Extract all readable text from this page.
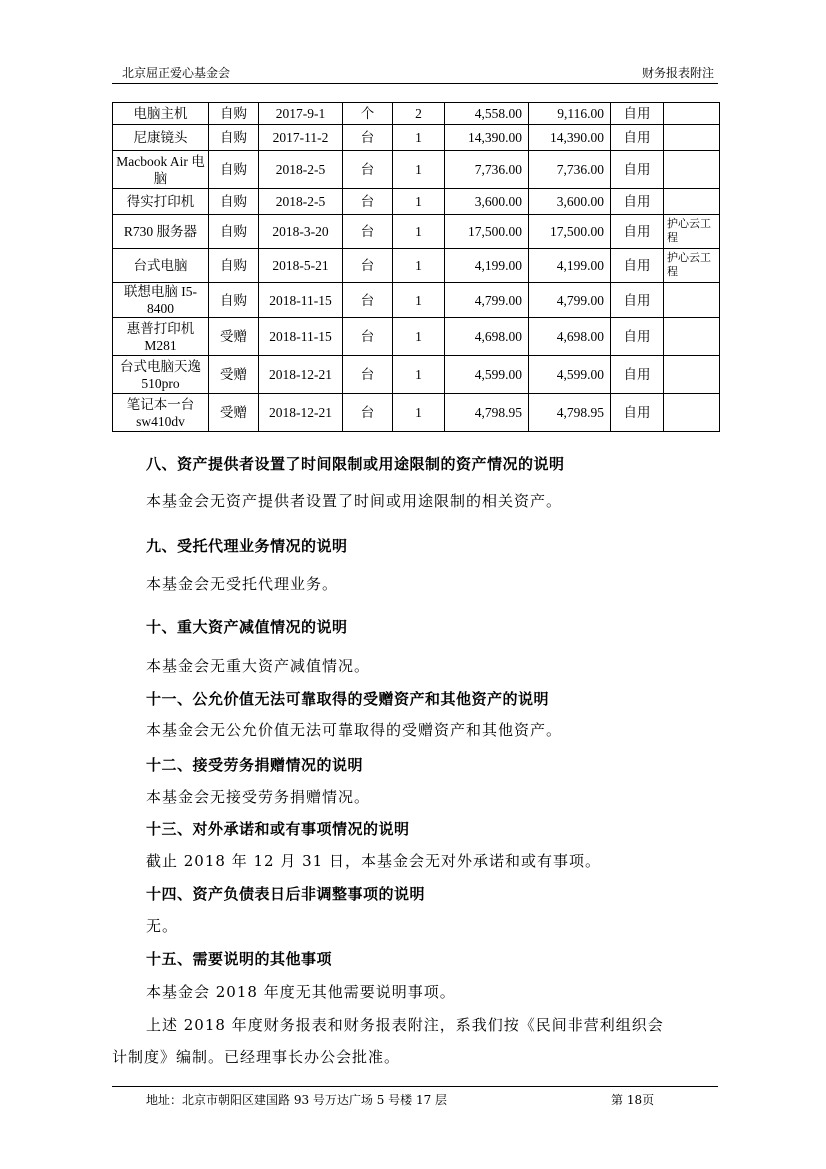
北京屈正爱心基金会	财务报表附注
电脑主机	自购	2017-9-1	个	2	4,558.00	9,116.00	自用	
尼康镜头	自购	2017-11-2	台	1	14,390.00	14,390.00	自用	
Macbook Air 电脑	自购	2018-2-5	台	1	7,736.00	7,736.00	自用	
得实打印机	自购	2018-2-5	台	1	3,600.00	3,600.00	自用	
R730 服务器	自购	2018-3-20	台	1	17,500.00	17,500.00	自用	护心云工程
台式电脑	自购	2018-5-21	台	1	4,199.00	4,199.00	自用	护心云工程
联想电脑 I5-8400	自购	2018-11-15	台	1	4,799.00	4,799.00	自用	
惠普打印机 M281	受赠	2018-11-15	台	1	4,698.00	4,698.00	自用	
台式电脑天逸 510pro	受赠	2018-12-21	台	1	4,599.00	4,599.00	自用	
笔记本一台 sw410dv	受赠	2018-12-21	台	1	4,798.95	4,798.95	自用	
八、资产提供者设置了时间限制或用途限制的资产情况的说明
本基金会无资产提供者设置了时间或用途限制的相关资产。
九、受托代理业务情况的说明
本基金会无受托代理业务。
十、重大资产减值情况的说明
本基金会无重大资产减值情况。
十一、公允价值无法可靠取得的受赠资产和其他资产的说明
本基金会无公允价值无法可靠取得的受赠资产和其他资产。
十二、接受劳务捐赠情况的说明
本基金会无接受劳务捐赠情况。
十三、对外承诺和或有事项情况的说明
截止 2018 年 12 月 31 日，本基金会无对外承诺和或有事项。
十四、资产负债表日后非调整事项的说明
无。
十五、需要说明的其他事项
本基金会 2018 年度无其他需要说明事项。
上述 2018 年度财务报表和财务报表附注，系我们按《民间非营利组织会
计制度》编制。已经理事长办公会批准。
地址：北京市朝阳区建国路 93 号万达广场 5 号楼 17 层	第 18页
